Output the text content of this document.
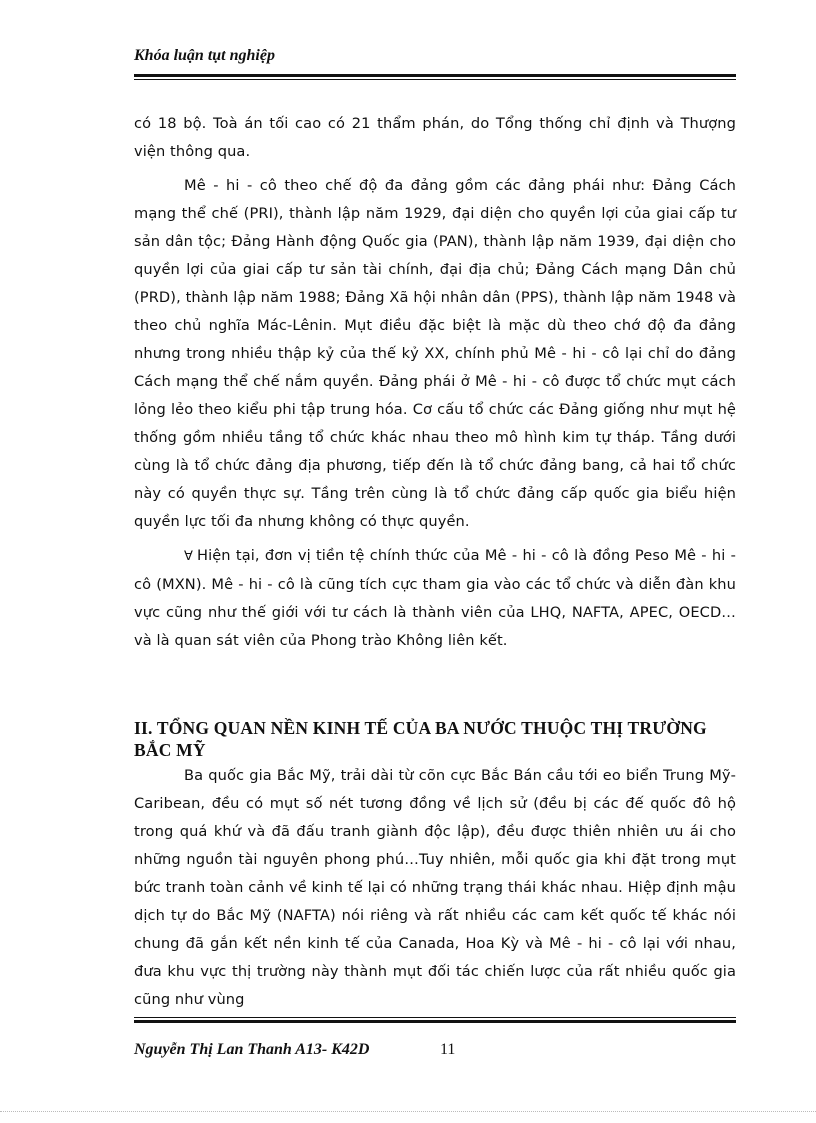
Khóa luận tụt nghiệp

có 18 bộ. Toà án tối cao có 21 thẩm phán, do Tổng thống chỉ định và Thượng viện thông qua.

Mê - hi - cô theo chế độ đa đảng gồm các đảng phái như: Đảng Cách mạng thể chế (PRI), thành lập năm 1929, đại diện cho quyền lợi của giai cấp tư sản dân tộc; Đảng Hành động Quốc gia (PAN), thành lập năm 1939, đại diện cho quyền lợi của giai cấp tư sản tài chính, đại địa chủ; Đảng Cách mạng Dân chủ (PRD), thành lập năm 1988; Đảng Xã hội nhân dân (PPS), thành lập năm 1948 và theo chủ nghĩa Mác-Lênin. Mụt điều đặc biệt là mặc dù theo chớ độ đa đảng nhưng trong nhiều thập kỷ của thế kỷ XX, chính phủ Mê - hi - cô lại chỉ do đảng Cách mạng thể chế nắm quyền. Đảng phái ở Mê - hi - cô được tổ chức mụt cách lỏng lẻo theo kiểu phi tập trung hóa. Cơ cấu tổ chức các Đảng giống như mụt hệ thống gồm nhiều tầng tổ chức khác nhau theo mô hình kim tự tháp. Tầng dưới cùng là tổ chức đảng địa phương, tiếp đến là tổ chức đảng bang, cả hai tổ chức này có quyền thực sự. Tầng trên cùng là tổ chức đảng cấp quốc gia biểu hiện quyền lực tối đa nhưng không có thực quyền.

∀ Hiện tại, đơn vị tiền tệ chính thức của Mê - hi - cô là đồng Peso Mê - hi - cô (MXN). Mê - hi - cô là cũng tích cực tham gia vào các tổ chức và diễn đàn khu vực cũng như thế giới với tư cách là thành viên của LHQ, NAFTA, APEC, OECD…và là quan sát viên của Phong trào Không liên kết.

II. TỔNG QUAN NỀN KINH TẾ CỦA BA NƯỚC THUỘC THỊ TRƯỜNG BẮC MỸ

Ba quốc gia Bắc Mỹ, trải dài từ cõn cực Bắc Bán cầu tới eo biển Trung Mỹ-Caribean, đều có mụt số nét tương đồng về lịch sử (đều bị các đế quốc đô hộ trong quá khứ và đã đấu tranh giành độc lập), đều được thiên nhiên ưu ái cho những nguồn tài nguyên phong phú…Tuy nhiên, mỗi quốc gia khi đặt trong mụt bức tranh toàn cảnh về kinh tế lại có những trạng thái khác nhau. Hiệp định mậu dịch tự do Bắc Mỹ (NAFTA) nói riêng và rất nhiều các cam kết quốc tế khác nói chung đã gắn kết nền kinh tế của Canada, Hoa Kỳ và Mê - hi - cô lại với nhau, đưa khu vực thị trường này thành mụt đối tác chiến lược của rất nhiều quốc gia cũng như vùng

Nguyễn Thị Lan Thanh A13- K42D	11
